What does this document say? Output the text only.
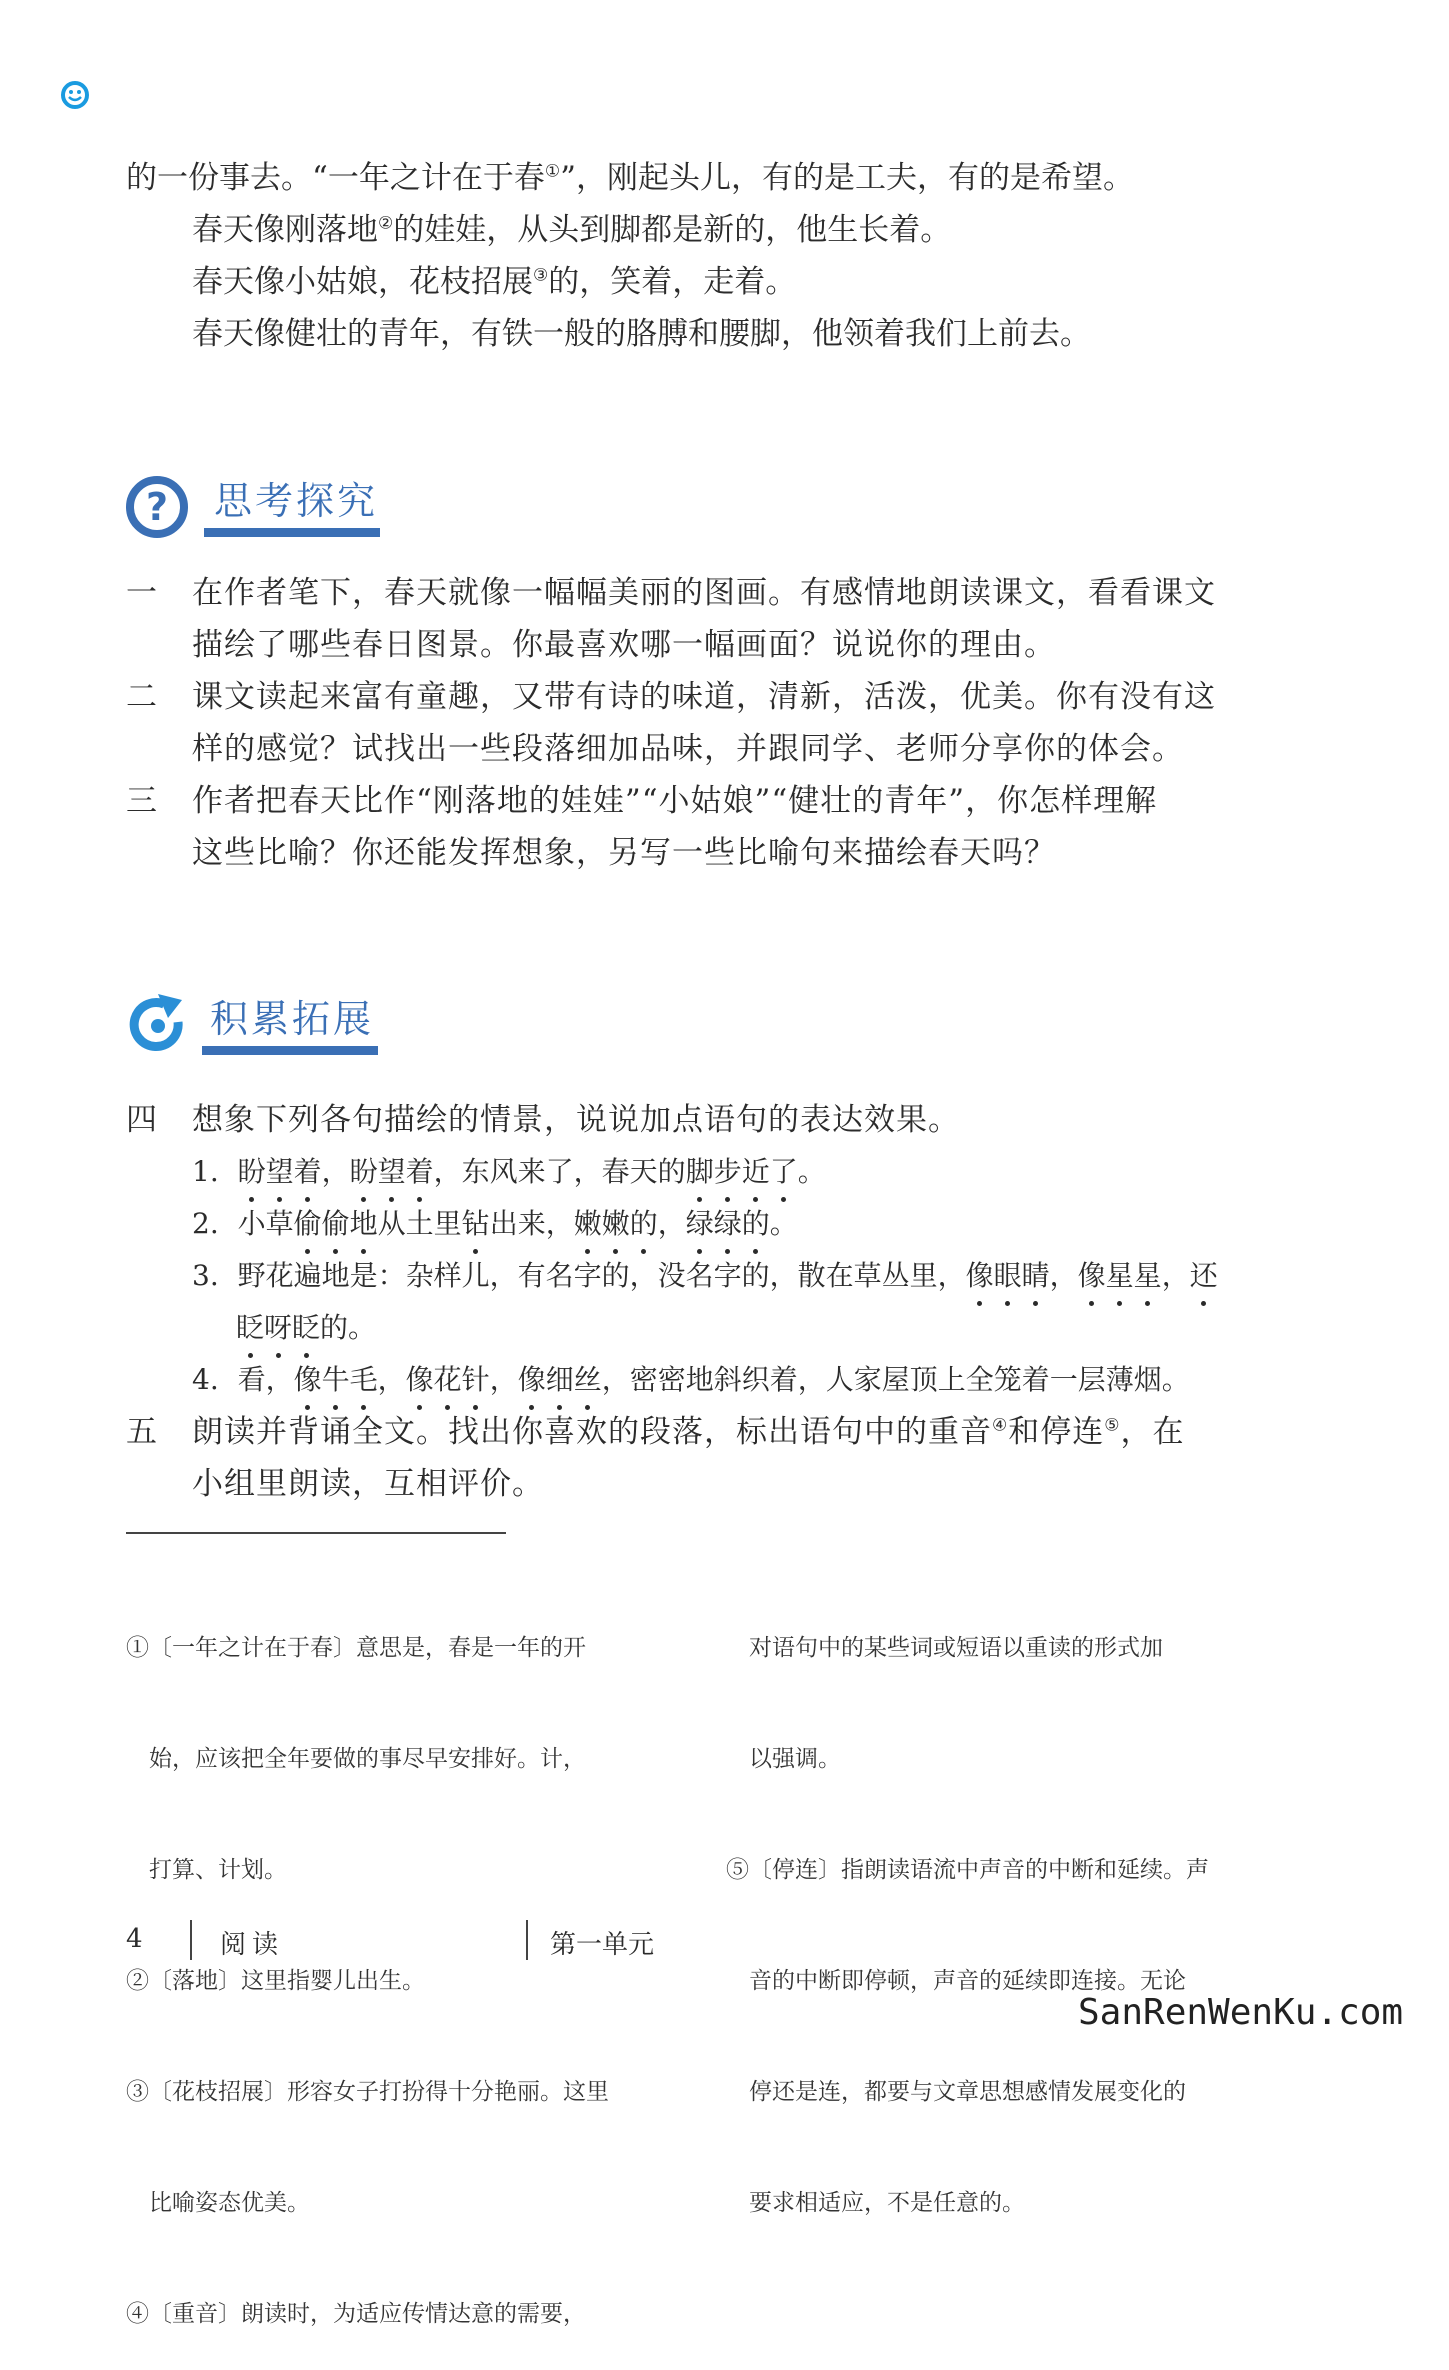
的一份事去。“一年之计在于春①”，刚起头儿，有的是工夫，有的是希望。
春天像刚落地②的娃娃，从头到脚都是新的，他生长着。
春天像小姑娘，花枝招展③的，笑着，走着。
春天像健壮的青年，有铁一般的胳膊和腰脚，他领着我们上前去。
? 思考探究
一 在作者笔下，春天就像一幅幅美丽的图画。有感情地朗读课文，看看课文
描绘了哪些春日图景。你最喜欢哪一幅画面？说说你的理由。
二 课文读起来富有童趣，又带有诗的味道，清新，活泼，优美。你有没有这
样的感觉？试找出一些段落细加品味，并跟同学、老师分享你的体会。
三 作者把春天比作“刚落地的娃娃”“小姑娘”“健壮的青年”，你怎样理解
这些比喻？你还能发挥想象，另写一些比喻句来描绘春天吗？
积累拓展
四 想象下列各句描绘的情景，说说加点语句的表达效果。
1. 盼望着
，盼望着
，东风来了，春天的脚步近了
。
2. 小草偷偷地
从土里钻
出来，嫩嫩的
，绿绿的
。
3. 野花遍地是：杂样儿，有名字的，没名字的，散在草丛里，像眼睛
，像星星
，还
眨呀眨
的。
4. 看，像牛毛
，像花针
，像细丝
，密密地斜织着，人家屋顶上全笼着一层薄烟。
五 朗读并背诵全文。找出你喜欢的段落，标出语句中的重音④和停连⑤，在
小组里朗读，互相评价。

①〔一年之计在于春〕意思是，春是一年的开

　始，应该把全年要做的事尽早安排好。计，

　打算、计划。

②〔落地〕这里指婴儿出生。

③〔花枝招展〕形容女子打扮得十分艳丽。这里

　比喻姿态优美。

④〔重音〕朗读时，为适应传情达意的需要，

　对语句中的某些词或短语以重读的形式加

　以强调。

⑤〔停连〕指朗读语流中声音的中断和延续。声

　音的中断即停顿，声音的延续即连接。无论

　停还是连，都要与文章思想感情发展变化的

　要求相适应，不是任意的。

4	阅读	第一单元
SanRenWenKu.com
